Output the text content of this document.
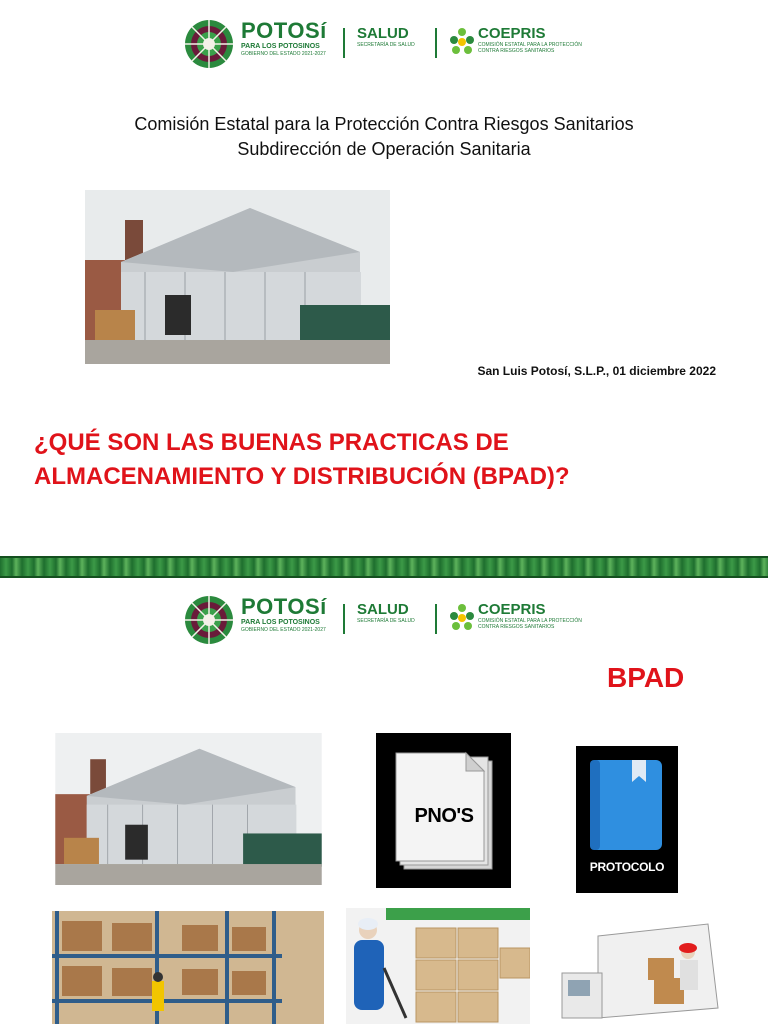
POTOSí
PARA LOS POTOSINOS
GOBIERNO DEL ESTADO 2021-2027
SALUD
SECRETARÍA DE SALUD
COEPRIS
COMISIÓN ESTATAL PARA LA PROTECCIÓN
CONTRA RIESGOS SANITARIOS
Comisión Estatal para la Protección Contra Riesgos Sanitarios
Subdirección de Operación Sanitaria
San Luis Potosí, S.L.P., 01 diciembre 2022
¿QUÉ SON LAS BUENAS PRACTICAS DE
ALMACENAMIENTO Y DISTRIBUCIÓN (BPAD)?
POTOSí
PARA LOS POTOSINOS
GOBIERNO DEL ESTADO 2021-2027
SALUD
SECRETARÍA DE SALUD
COEPRIS
COMISIÓN ESTATAL PARA LA PROTECCIÓN
CONTRA RIESGOS SANITARIOS
BPAD
PNO'S
PROTOCOLO
